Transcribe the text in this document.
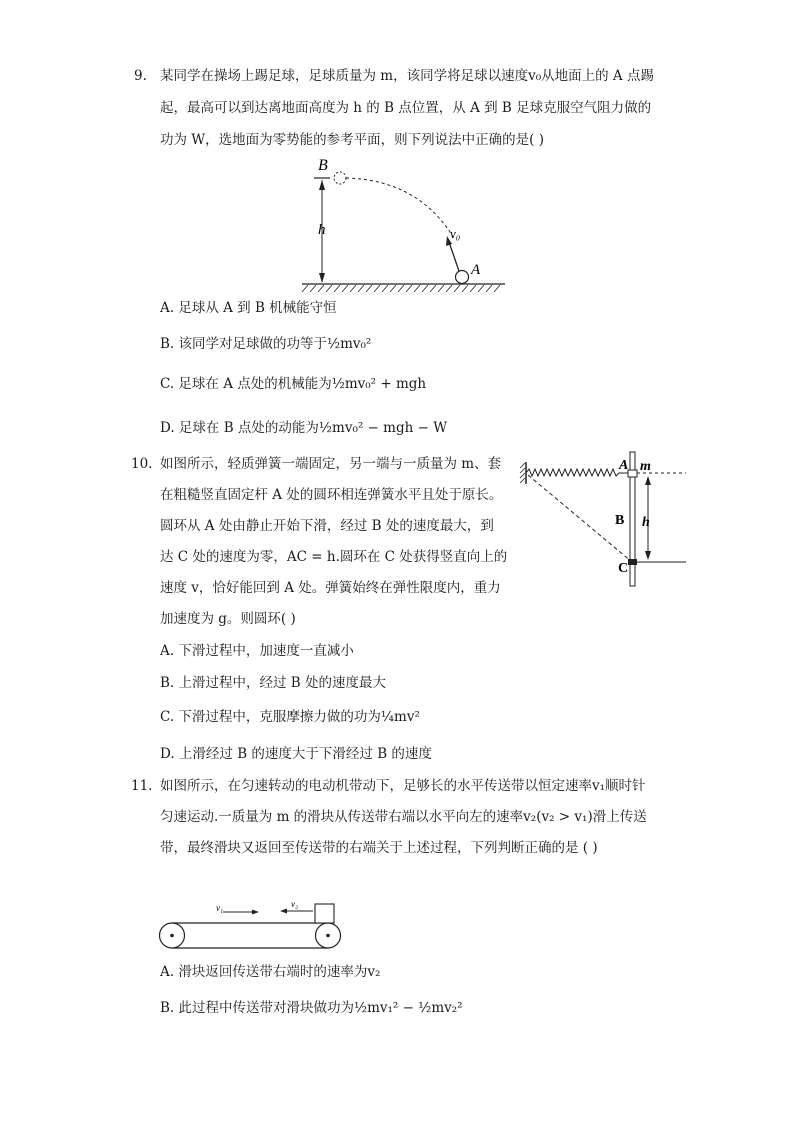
9. 某同学在操场上踢足球，足球质量为 m，该同学将足球以速度v₀从地面上的 A 点踢
起，最高可以到达离地面高度为 h 的 B 点位置，从 A 到 B 足球克服空气阻力做的
功为 W，选地面为零势能的参考平面，则下列说法中正确的是( )
B
h	v₀
A
A. 足球从 A 到 B 机械能守恒
B. 该同学对足球做的功等于½mv₀²
C. 足球在 A 点处的机械能为½mv₀² + mgh
D. 足球在 B 点处的动能为½mv₀² − mgh − W
10. 如图所示，轻质弹簧一端固定，另一端与一质量为 m、套
在粗糙竖直固定杆 A 处的圆环相连弹簧水平且处于原长。
圆环从 A 处由静止开始下滑，经过 B 处的速度最大，到
达 C 处的速度为零，AC = h.圆环在 C 处获得竖直向上的
速度 v，恰好能回到 A 处。弹簧始终在弹性限度内，重力
加速度为 g。则圆环( )
A m
B h
C
A. 下滑过程中，加速度一直减小
B. 上滑过程中，经过 B 处的速度最大
C. 下滑过程中，克服摩擦力做的功为¼mv²
D. 上滑经过 B 的速度大于下滑经过 B 的速度
11. 如图所示，在匀速转动的电动机带动下，足够长的水平传送带以恒定速率v₁顺时针
匀速运动.一质量为 m 的滑块从传送带右端以水平向左的速率v₂(v₂ > v₁)滑上传送
带，最终滑块又返回至传送带的右端关于上述过程，下列判断正确的是 ( )
v₁	v₂
A. 滑块返回传送带右端时的速率为v₂
B. 此过程中传送带对滑块做功为½mv₁² − ½mv₂²
